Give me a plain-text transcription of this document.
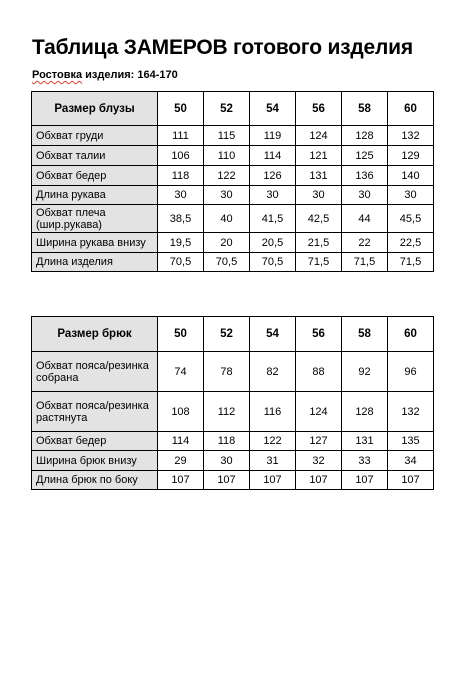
Таблица ЗАМЕРОВ готового изделия
Ростовка изделия: 164-170
Размер блузы	50	52	54	56	58	60
Обхват груди	111	115	119	124	128	132
Обхват талии	106	110	114	121	125	129
Обхват бедер	118	122	126	131	136	140
Длина рукава	30	30	30	30	30	30
Обхват плеча (шир.рукава)	38,5	40	41,5	42,5	44	45,5
Ширина рукава внизу	19,5	20	20,5	21,5	22	22,5
Длина изделия	70,5	70,5	70,5	71,5	71,5	71,5
Размер брюк	50	52	54	56	58	60
Обхват пояса/резинка собрана	74	78	82	88	92	96
Обхват пояса/резинка растянута	108	112	116	124	128	132
Обхват бедер	114	118	122	127	131	135
Ширина брюк внизу	29	30	31	32	33	34
Длина брюк по боку	107	107	107	107	107	107
